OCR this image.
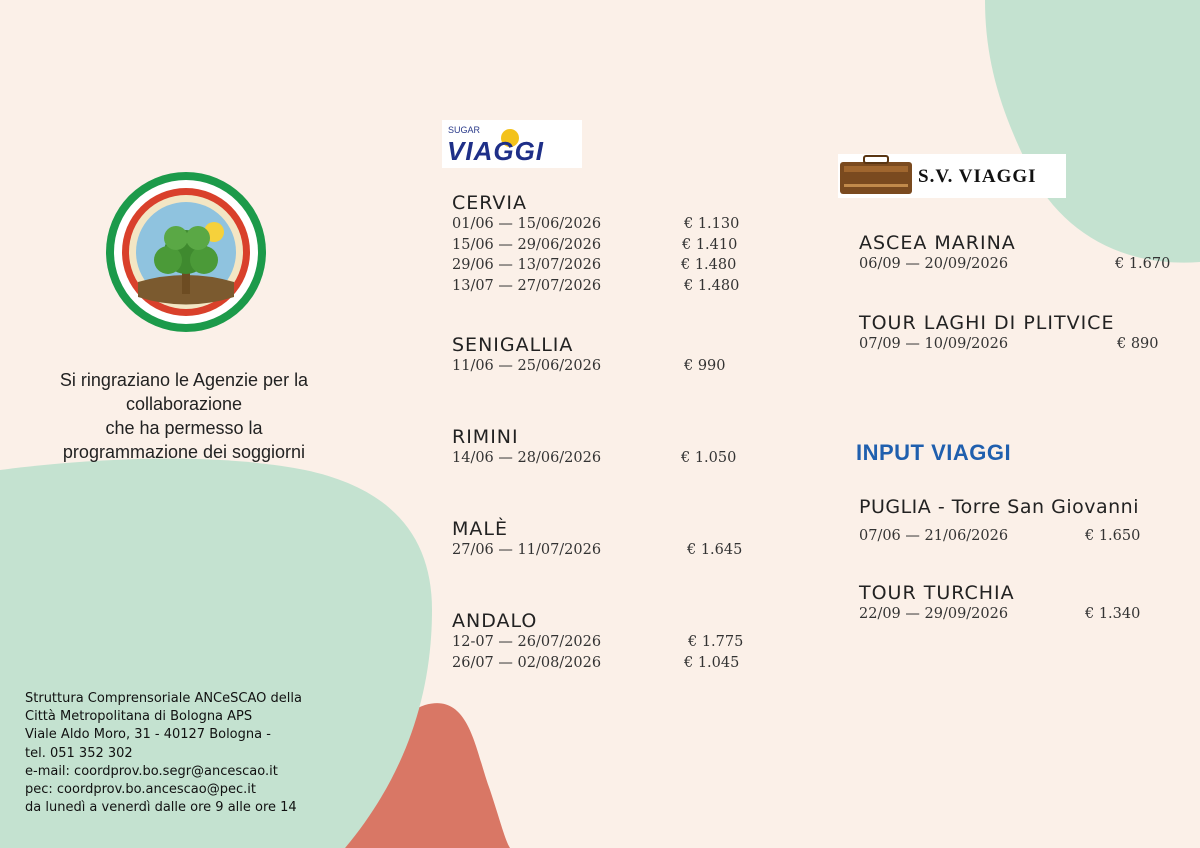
Si ringraziano le Agenzie per la
collaborazione
che ha permesso la
programmazione dei soggiorni
Struttura Comprensoriale ANCeSCAO della
Città Metropolitana di Bologna APS
Viale Aldo Moro, 31 - 40127 Bologna -
tel. 051 352 302
e-mail: coordprov.bo.segr@ancescao.it
pec: coordprov.bo.ancescao@pec.it
da lunedì a venerdì dalle ore 9 alle ore 14
SUGAR
VIAGGI
S.V. VIAGGI
INPUT VIAGGI
CERVIA
01/06 — 15/06/2026	€ 1.130
15/06 — 29/06/2026	€ 1.410
29/06 — 13/07/2026	€ 1.480
13/07 — 27/07/2026	€ 1.480
SENIGALLIA
11/06 — 25/06/2026	€ 990
RIMINI
14/06 — 28/06/2026	€ 1.050
MALÈ
27/06 — 11/07/2026	€ 1.645
ANDALO
12-07 — 26/07/2026	€ 1.775
26/07 — 02/08/2026	€ 1.045
ASCEA MARINA
06/09 — 20/09/2026	€ 1.670
TOUR LAGHI DI PLITVICE
07/09 — 10/09/2026	€ 890
PUGLIA - Torre San Giovanni
07/06 — 21/06/2026	€ 1.650
TOUR TURCHIA
22/09 — 29/09/2026	€ 1.340
